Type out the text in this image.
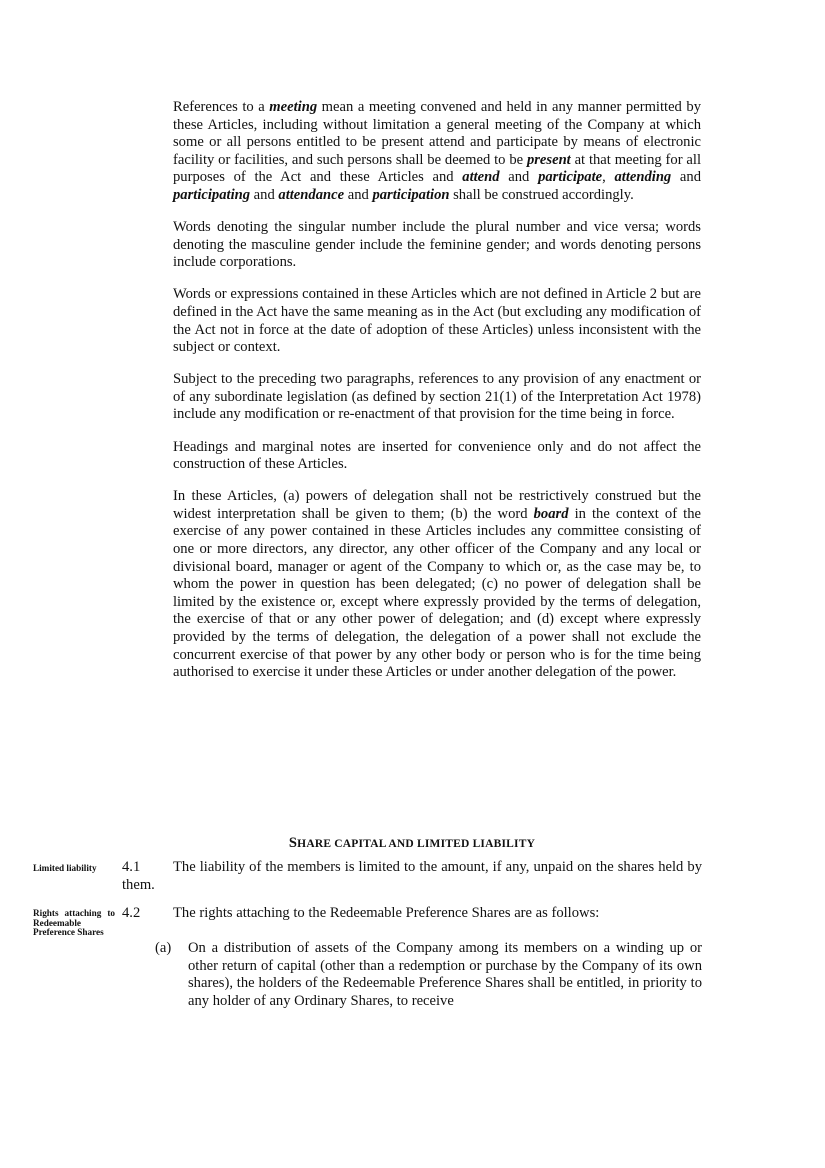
References to a meeting mean a meeting convened and held in any manner permitted by these Articles, including without limitation a general meeting of the Company at which some or all persons entitled to be present attend and participate by means of electronic facility or facilities, and such persons shall be deemed to be present at that meeting for all purposes of the Act and these Articles and attend and participate, attending and participating and attendance and participation shall be construed accordingly.

Words denoting the singular number include the plural number and vice versa; words denoting the masculine gender include the feminine gender; and words denoting persons include corporations.

Words or expressions contained in these Articles which are not defined in Article 2 but are defined in the Act have the same meaning as in the Act (but excluding any modification of the Act not in force at the date of adoption of these Articles) unless inconsistent with the subject or context.

Subject to the preceding two paragraphs, references to any provision of any enactment or of any subordinate legislation (as defined by section 21(1) of the Interpretation Act 1978) include any modification or re-enactment of that provision for the time being in force.

Headings and marginal notes are inserted for convenience only and do not affect the construction of these Articles.

In these Articles, (a) powers of delegation shall not be restrictively construed but the widest interpretation shall be given to them; (b) the word board in the context of the exercise of any power contained in these Articles includes any committee consisting of one or more directors, any director, any other officer of the Company and any local or divisional board, manager or agent of the Company to which or, as the case may be, to whom the power in question has been delegated; (c) no power of delegation shall be limited by the existence or, except where expressly provided by the terms of delegation, the exercise of that or any other power of delegation; and (d) except where expressly provided by the terms of delegation, the delegation of a power shall not exclude the concurrent exercise of that power by any other body or person who is for the time being authorised to exercise it under these Articles or under another delegation of the power.

SHARE CAPITAL AND LIMITED LIABILITY
Limited liability	4.1 The liability of the members is limited to the amount, if any, unpaid on the shares held by them.
Rights attaching to Redeemable Preference Shares
4.2 The rights attaching to the Redeemable Preference Shares are as follows:
(a) On a distribution of assets of the Company among its members on a winding up or other return of capital (other than a redemption or purchase by the Company of its own shares), the holders of the Redeemable Preference Shares shall be entitled, in priority to any holder of any Ordinary Shares, to receive
